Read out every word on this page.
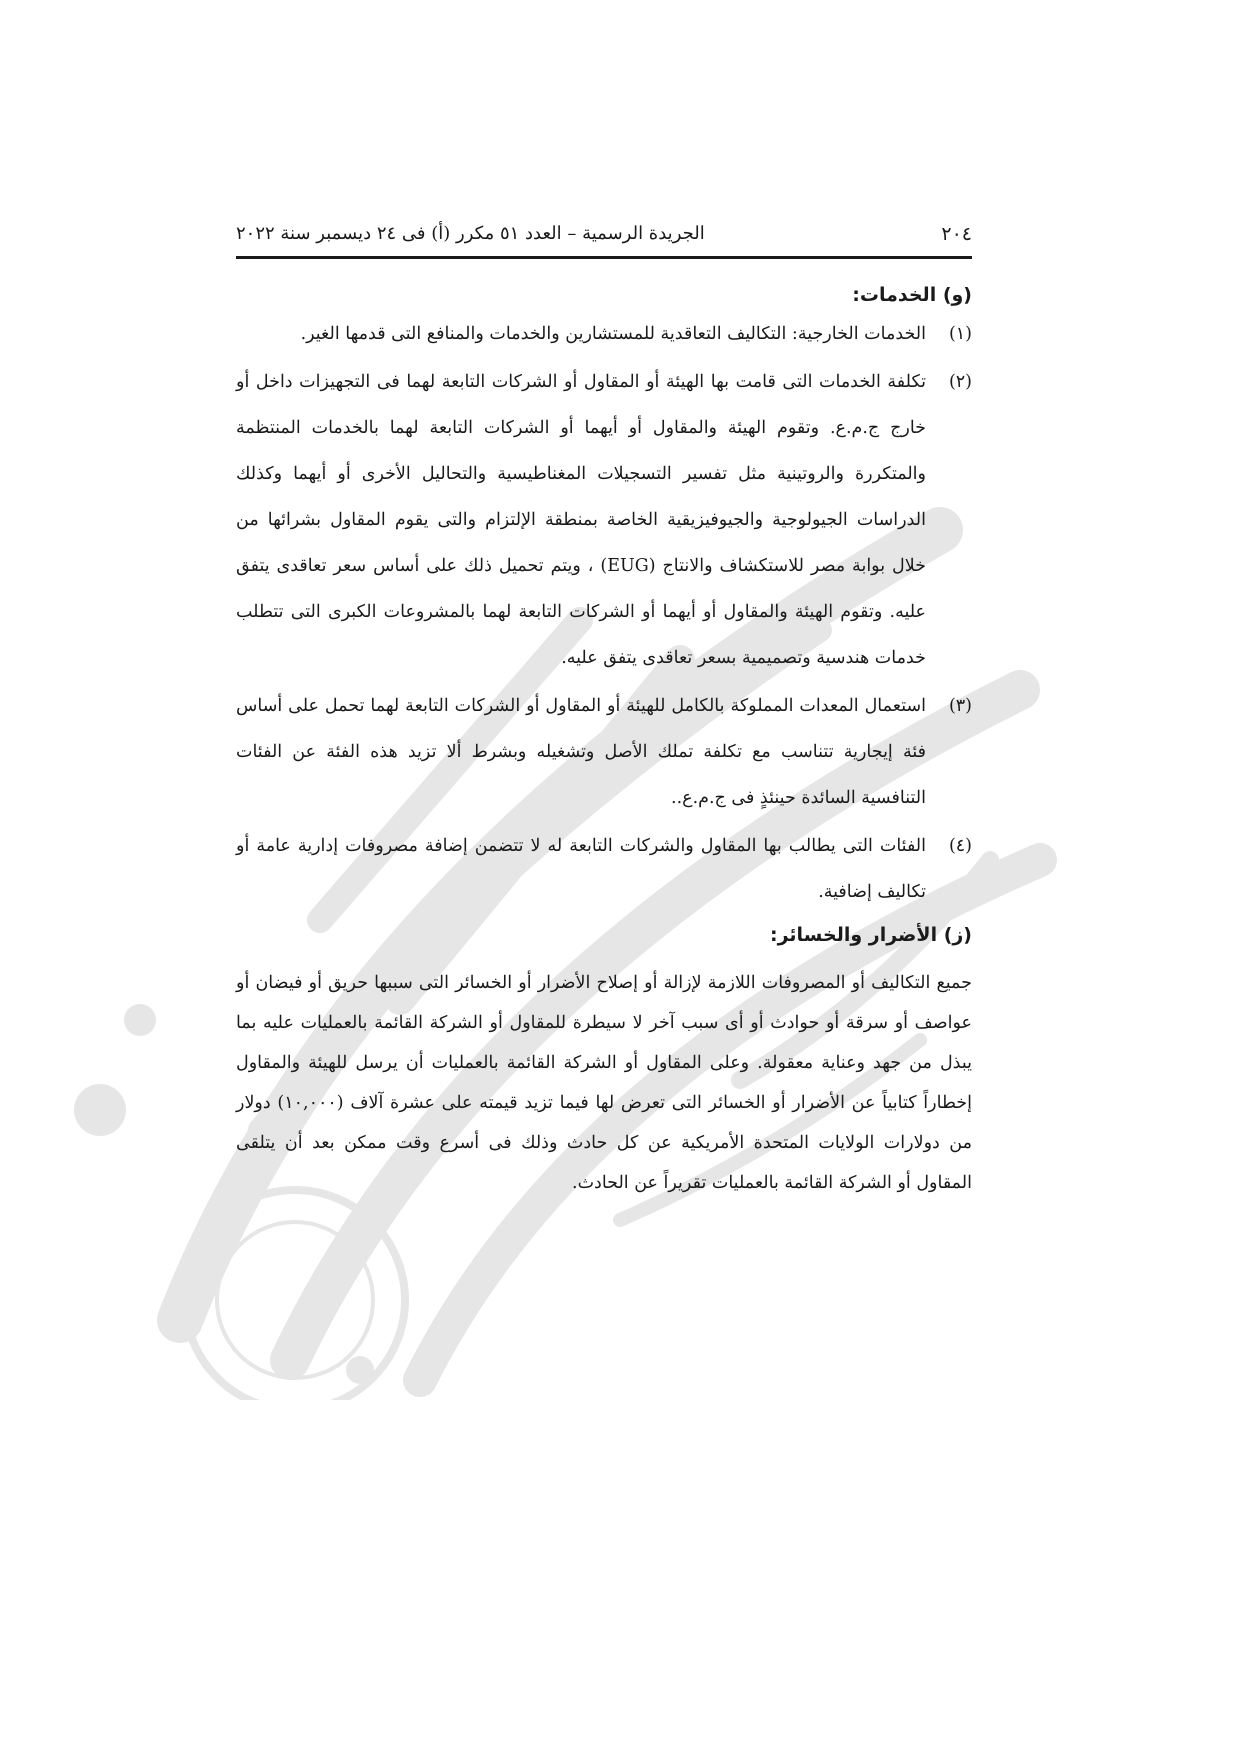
٢٠٤
الجريدة الرسمية – العدد ٥١ مكرر (أ) فى ٢٤ ديسمبر سنة ٢٠٢٢
(و) الخدمات:
(١)
الخدمات الخارجية: التكاليف التعاقدية للمستشارين والخدمات والمنافع التى قدمها الغير.
(٢)
تكلفة الخدمات التى قامت بها الهيئة أو المقاول أو الشركات التابعة لهما فى التجهيزات داخل أو خارج ج.م.ع. وتقوم الهيئة والمقاول أو أيهما أو الشركات التابعة لهما بالخدمات المنتظمة والمتكررة والروتينية مثل تفسير التسجيلات المغناطيسية والتحاليل الأخرى أو أيهما وكذلك الدراسات الجيولوجية والجيوفيزيقية الخاصة بمنطقة الإلتزام والتى يقوم المقاول بشرائها من خلال بوابة مصر للاستكشاف والانتاج (EUG) ، ويتم تحميل ذلك على أساس سعر تعاقدى يتفق عليه. وتقوم الهيئة والمقاول أو أيهما أو الشركات التابعة لهما بالمشروعات الكبرى التى تتطلب خدمات هندسية وتصميمية بسعر تعاقدى يتفق عليه.
(٣)
استعمال المعدات المملوكة بالكامل للهيئة أو المقاول أو الشركات التابعة لهما تحمل على أساس فئة إيجارية تتناسب مع تكلفة تملك الأصل وتشغيله وبشرط ألا تزيد هذه الفئة عن الفئات التنافسية السائدة حينئذٍ فى ج.م.ع..
(٤)
الفئات التى يطالب بها المقاول والشركات التابعة له لا تتضمن إضافة مصروفات إدارية عامة أو تكاليف إضافية.
(ز) الأضرار والخسائر:
جميع التكاليف أو المصروفات اللازمة لإزالة أو إصلاح الأضرار أو الخسائر التى سببها حريق أو فيضان أو عواصف أو سرقة أو حوادث أو أى سبب آخر لا سيطرة للمقاول أو الشركة القائمة بالعمليات عليه بما يبذل من جهد وعناية معقولة. وعلى المقاول أو الشركة القائمة بالعمليات أن يرسل للهيئة والمقاول إخطاراً كتابياً عن الأضرار أو الخسائر التى تعرض لها فيما تزيد قيمته على عشرة آلاف (١٠,٠٠٠) دولار من دولارات الولايات المتحدة الأمريكية عن كل حادث وذلك فى أسرع وقت ممكن بعد أن يتلقى المقاول أو الشركة القائمة بالعمليات تقريراً عن الحادث.
